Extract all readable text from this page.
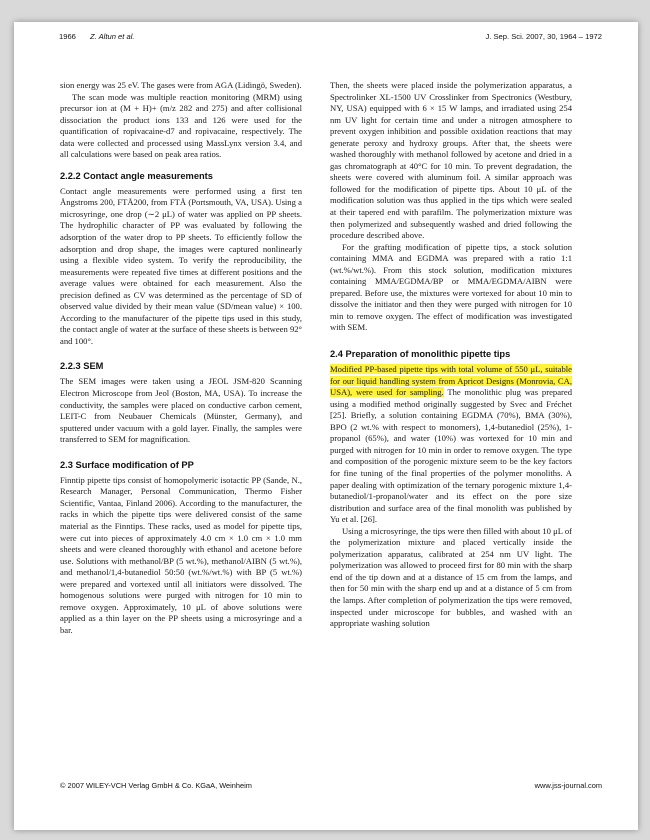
1966 Z. Altun et al.	J. Sep. Sci. 2007, 30, 1964 – 1972

sion energy was 25 eV. The gases were from AGA (Lidingö, Sweden).

The scan mode was multiple reaction monitoring (MRM) using precursor ion at (M + H)+ (m/z 282 and 275) and after collisional dissociation the product ions 133 and 126 were used for the quantification of ropivacaine-d7 and ropivacaine, respectively. The data were collected and processed using MassLynx version 3.4, and all calculations were based on peak area ratios.

2.2.2 Contact angle measurements

Contact angle measurements were performed using a first ten Ångstroms 200, FTÅ200, from FTÅ (Portsmouth, VA, USA). Using a microsyringe, one drop (∼2 μL) of water was applied on PP sheets. The hydrophilic character of PP was evaluated by following the adsorption of the water drop to PP sheets. To efficiently follow the adsorption and drop shape, the images were captured nonlinearly using a flexible video system. To verify the reproducibility, the measurements were repeated five times at different positions and the average values were obtained for each measurement. Also the precision defined as CV was determined as the percentage of SD of observed value divided by their mean value (SD/mean value) × 100. According to the manufacturer of the pipette tips used in this study, the contact angle of water at the surface of these sheets is between 92° and 100°.

2.2.3 SEM

The SEM images were taken using a JEOL JSM-820 Scanning Electron Microscope from Jeol (Boston, MA, USA). To increase the conductivity, the samples were placed on conductive carbon cement, LEIT-C from Neubauer Chemicals (Münster, Germany), and sputtered under vacuum with a gold layer. Finally, the samples were transferred to SEM for magnification.

2.3 Surface modification of PP

Finntip pipette tips consist of homopolymeric isotactic PP (Sande, N., Research Manager, Personal Communication, Thermo Fisher Scientific, Vantaa, Finland 2006). According to the manufacturer, the racks in which the pipette tips were delivered consist of the same material as the Finntips. These racks, used as model for pipette tips, were cut into pieces of approximately 4.0 cm × 1.0 cm × 1.0 mm sheets and were cleaned thoroughly with ethanol and acetone before use. Solutions with methanol/BP (5 wt.%), methanol/AIBN (5 wt.%), and methanol/1,4-butanediol 50:50 (wt.%/wt.%) with BP (5 wt.%) were prepared and vortexed until all initiators were dissolved. The homogenous solutions were purged with nitrogen for 10 min to remove oxygen. Approximately, 10 μL of above solutions were applied as a thin layer on the PP sheets using a microsyringe and a bar.

Then, the sheets were placed inside the polymerization apparatus, a Spectrolinker XL-1500 UV Crosslinker from Spectronics (Westbury, NY, USA) equipped with 6 × 15 W lamps, and irradiated using 254 nm UV light for certain time and under a nitrogen atmosphere to prevent oxygen inhibition and possible oxidation reactions that may generate peroxy and hydroxy groups. After that, the sheets were washed thoroughly with methanol followed by acetone and dried in a gas chromatograph at 40°C for 10 min. To prevent degradation, the sheets were covered with aluminum foil. A similar approach was followed for the modification of pipette tips. About 10 μL of the modification solution was thus applied in the tips which were sealed at their tapered end with parafilm. The polymerization mixture was then polymerized and subsequently washed and dried following the procedure described above.

For the grafting modification of pipette tips, a stock solution containing MMA and EGDMA was prepared with a ratio 1:1 (wt.%/wt.%). From this stock solution, modification mixtures containing MMA/EGDMA/BP or MMA/EGDMA/AIBN were prepared. Before use, the mixtures were vortexed for about 10 min to dissolve the initiator and then they were purged with nitrogen for 10 min to remove oxygen. The effect of modification was investigated with SEM.

2.4 Preparation of monolithic pipette tips

Modified PP-based pipette tips with total volume of 550 μL, suitable for our liquid handling system from Apricot Designs (Monrovia, CA, USA), were used for sampling. The monolithic plug was prepared using a modified method originally suggested by Svec and Fréchet [25]. Briefly, a solution containing EGDMA (70%), BMA (30%), BPO (2 wt.% with respect to monomers), 1,4-butanediol (25%), 1-propanol (65%), and water (10%) was vortexed for 10 min and purged with nitrogen for 10 min in order to remove oxygen. The type and composition of the porogenic mixture seem to be the key factors for fine tuning of the final properties of the polymer monoliths. A paper dealing with optimization of the ternary porogenic mixture 1,4-butanediol/1-propanol/water and its effect on the pore size distribution and surface area of the final monolith was published by Yu et al. [26].

Using a microsyringe, the tips were then filled with about 10 μL of the polymerization mixture and placed vertically inside the polymerization apparatus, calibrated at 254 nm UV light. The polymerization was allowed to proceed first for 80 min with the sharp end of the tip down and at a distance of 15 cm from the lamps, and then for 50 min with the sharp end up and at a distance of 5 cm from the lamps. After completion of polymerization the tips were removed, inspected under microscope for bubbles, and washed with an appropriate washing solution

© 2007 WILEY-VCH Verlag GmbH & Co. KGaA, Weinheim	www.jss-journal.com
